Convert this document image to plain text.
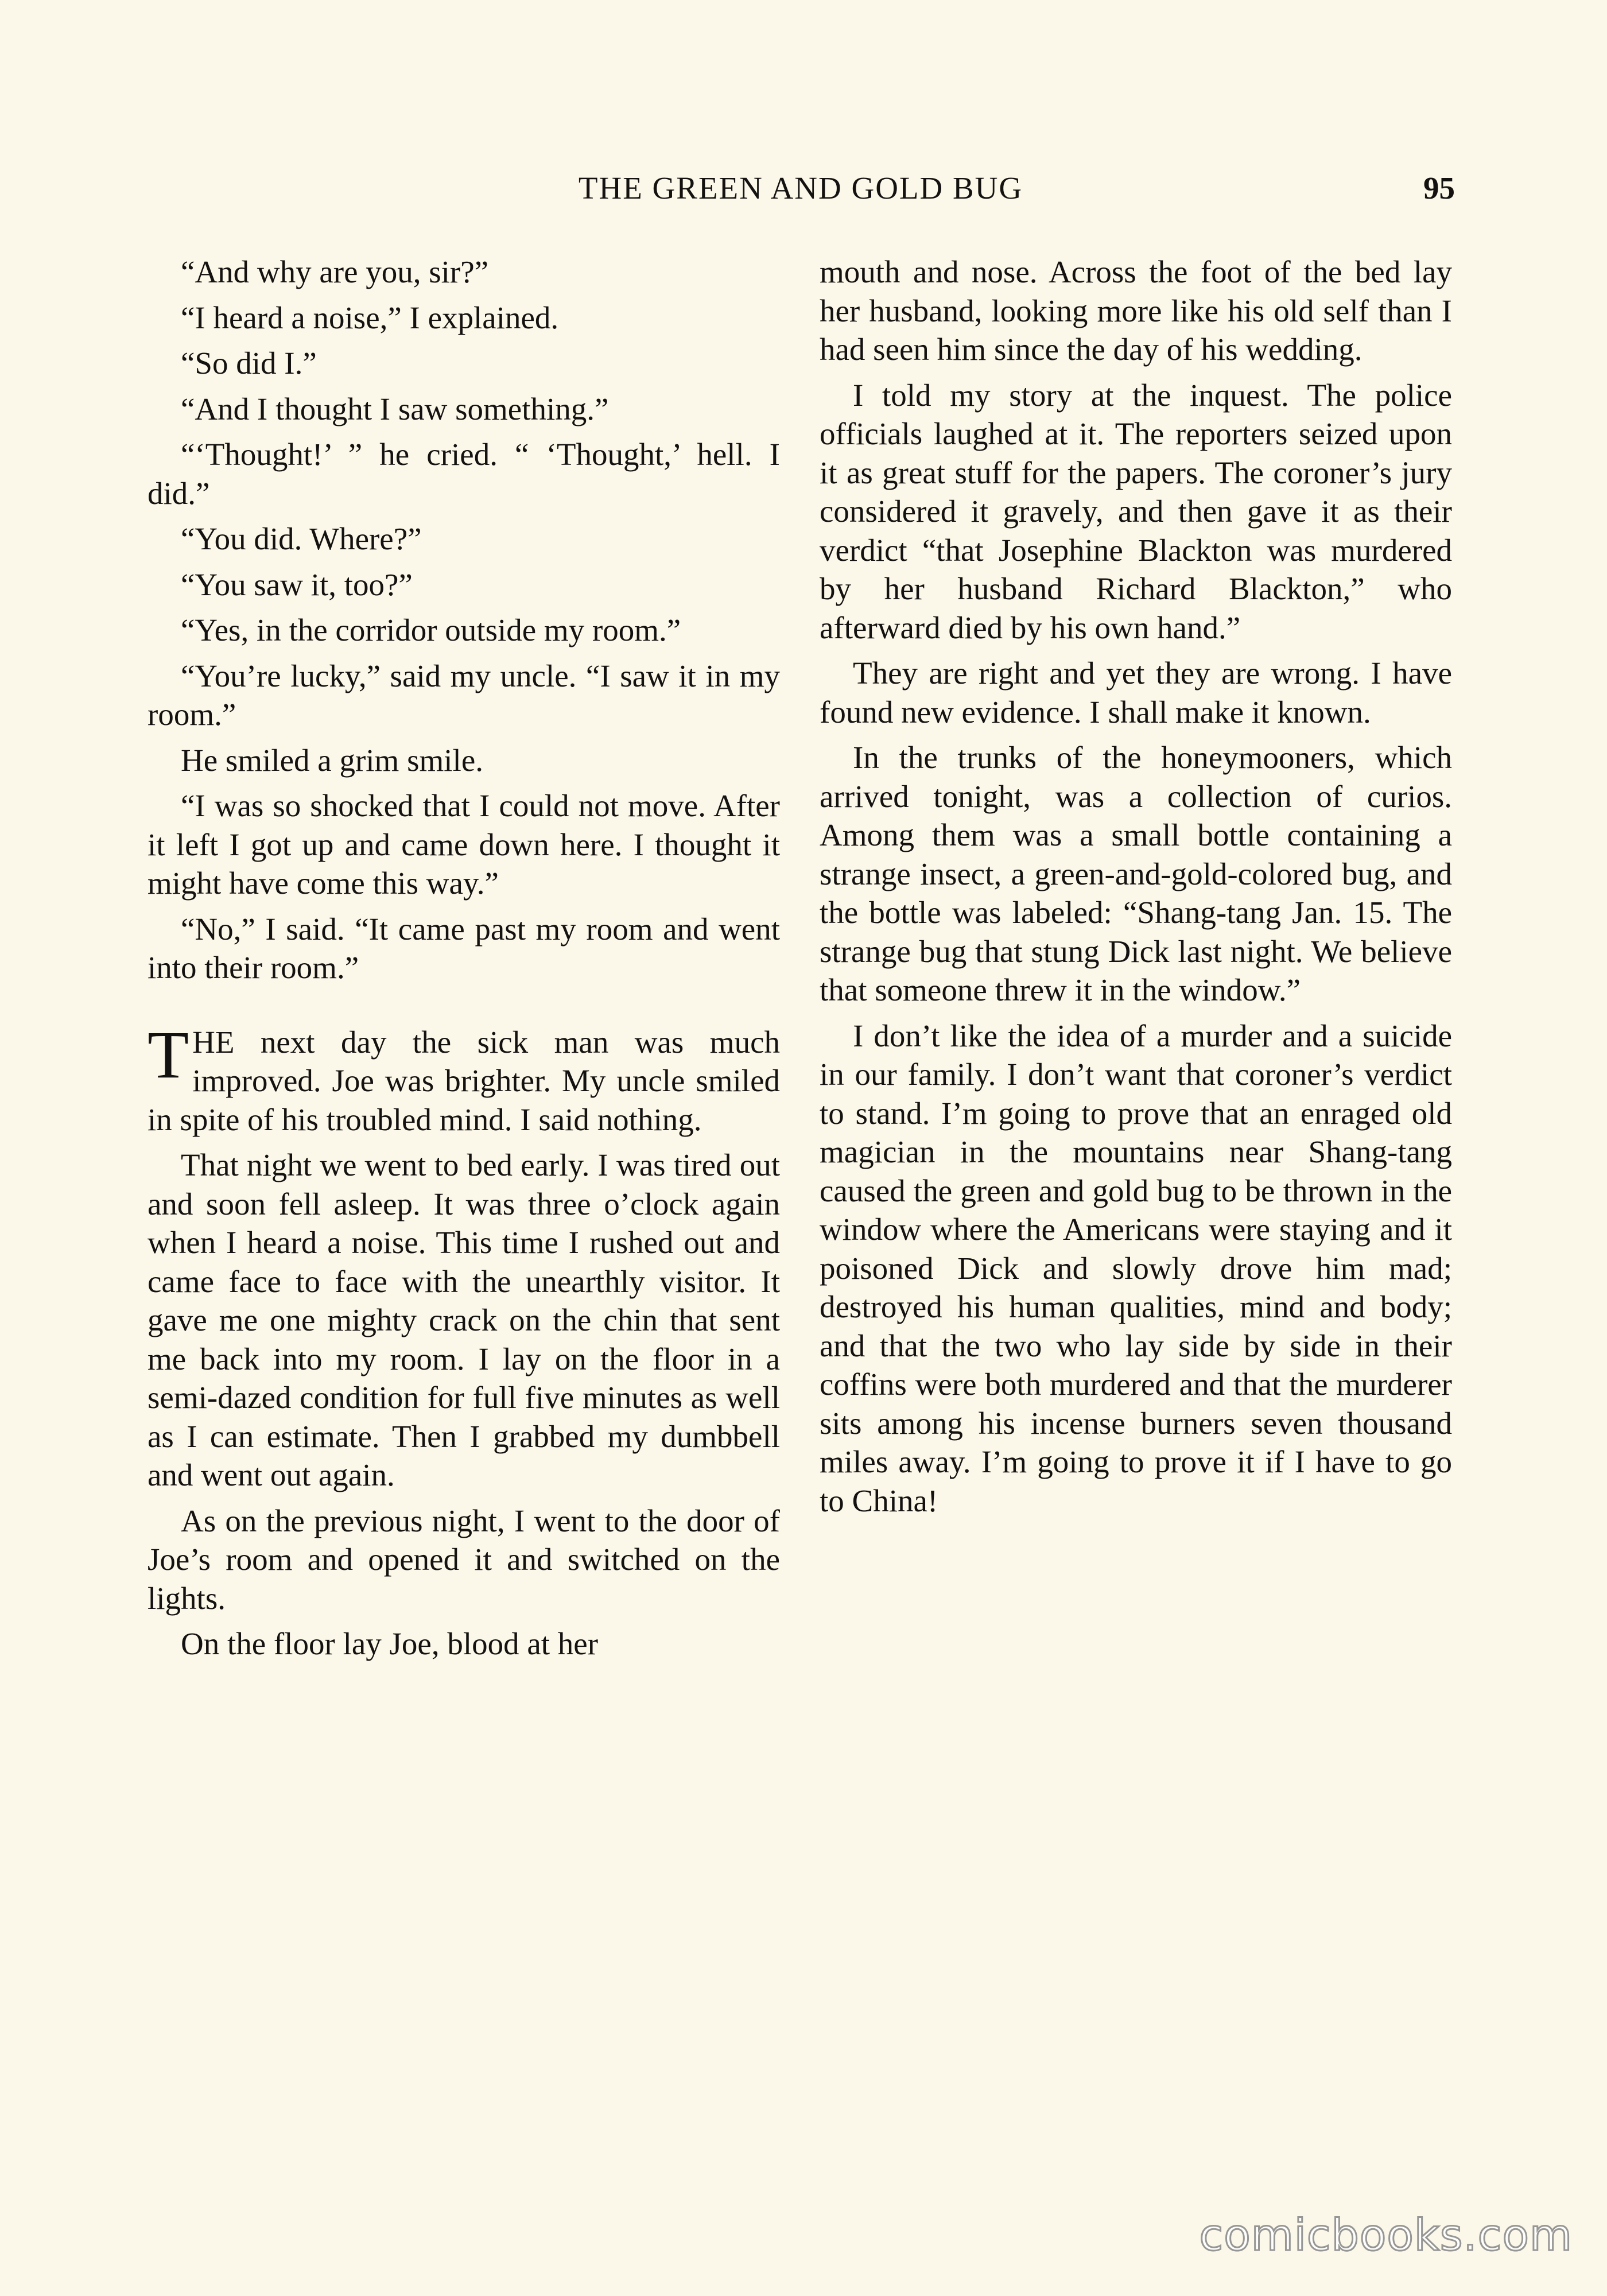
THE GREEN AND GOLD BUG	95

“And why are you, sir?”

“I heard a noise,” I explained.

“So did I.”

“And I thought I saw something.”

“‘Thought!’ ” he cried. “ ‘Thought,’ hell. I did.”

“You did. Where?”

“You saw it, too?”

“Yes, in the corridor outside my room.”

“You’re lucky,” said my uncle. “I saw it in my room.”

He smiled a grim smile.

“I was so shocked that I could not move. After it left I got up and came down here. I thought it might have come this way.”

“No,” I said. “It came past my room and went into their room.”

THE next day the sick man was much improved. Joe was brighter. My uncle smiled in spite of his troubled mind. I said nothing.

That night we went to bed early. I was tired out and soon fell asleep. It was three o’clock again when I heard a noise. This time I rushed out and came face to face with the unearthly visitor. It gave me one mighty crack on the chin that sent me back into my room. I lay on the floor in a semi-dazed condition for full five minutes as well as I can estimate. Then I grabbed my dumbbell and went out again.

As on the previous night, I went to the door of Joe’s room and opened it and switched on the lights.

On the floor lay Joe, blood at her

mouth and nose. Across the foot of the bed lay her husband, looking more like his old self than I had seen him since the day of his wedding.

I told my story at the inquest. The police officials laughed at it. The reporters seized upon it as great stuff for the papers. The coroner’s jury considered it gravely, and then gave it as their verdict “that Josephine Blackton was murdered by her husband Richard Blackton,” who afterward died by his own hand.”

They are right and yet they are wrong. I have found new evidence. I shall make it known.

In the trunks of the honeymooners, which arrived tonight, was a collection of curios. Among them was a small bottle containing a strange insect, a green-and-gold-colored bug, and the bottle was labeled: “Shang-tang Jan. 15. The strange bug that stung Dick last night. We believe that someone threw it in the window.”

I don’t like the idea of a murder and a suicide in our family. I don’t want that coroner’s verdict to stand. I’m going to prove that an enraged old magician in the mountains near Shang-tang caused the green and gold bug to be thrown in the window where the Americans were staying and it poisoned Dick and slowly drove him mad; destroyed his human qualities, mind and body; and that the two who lay side by side in their coffins were both murdered and that the murderer sits among his incense burners seven thousand miles away. I’m going to prove it if I have to go to China!

comicbooks.com
